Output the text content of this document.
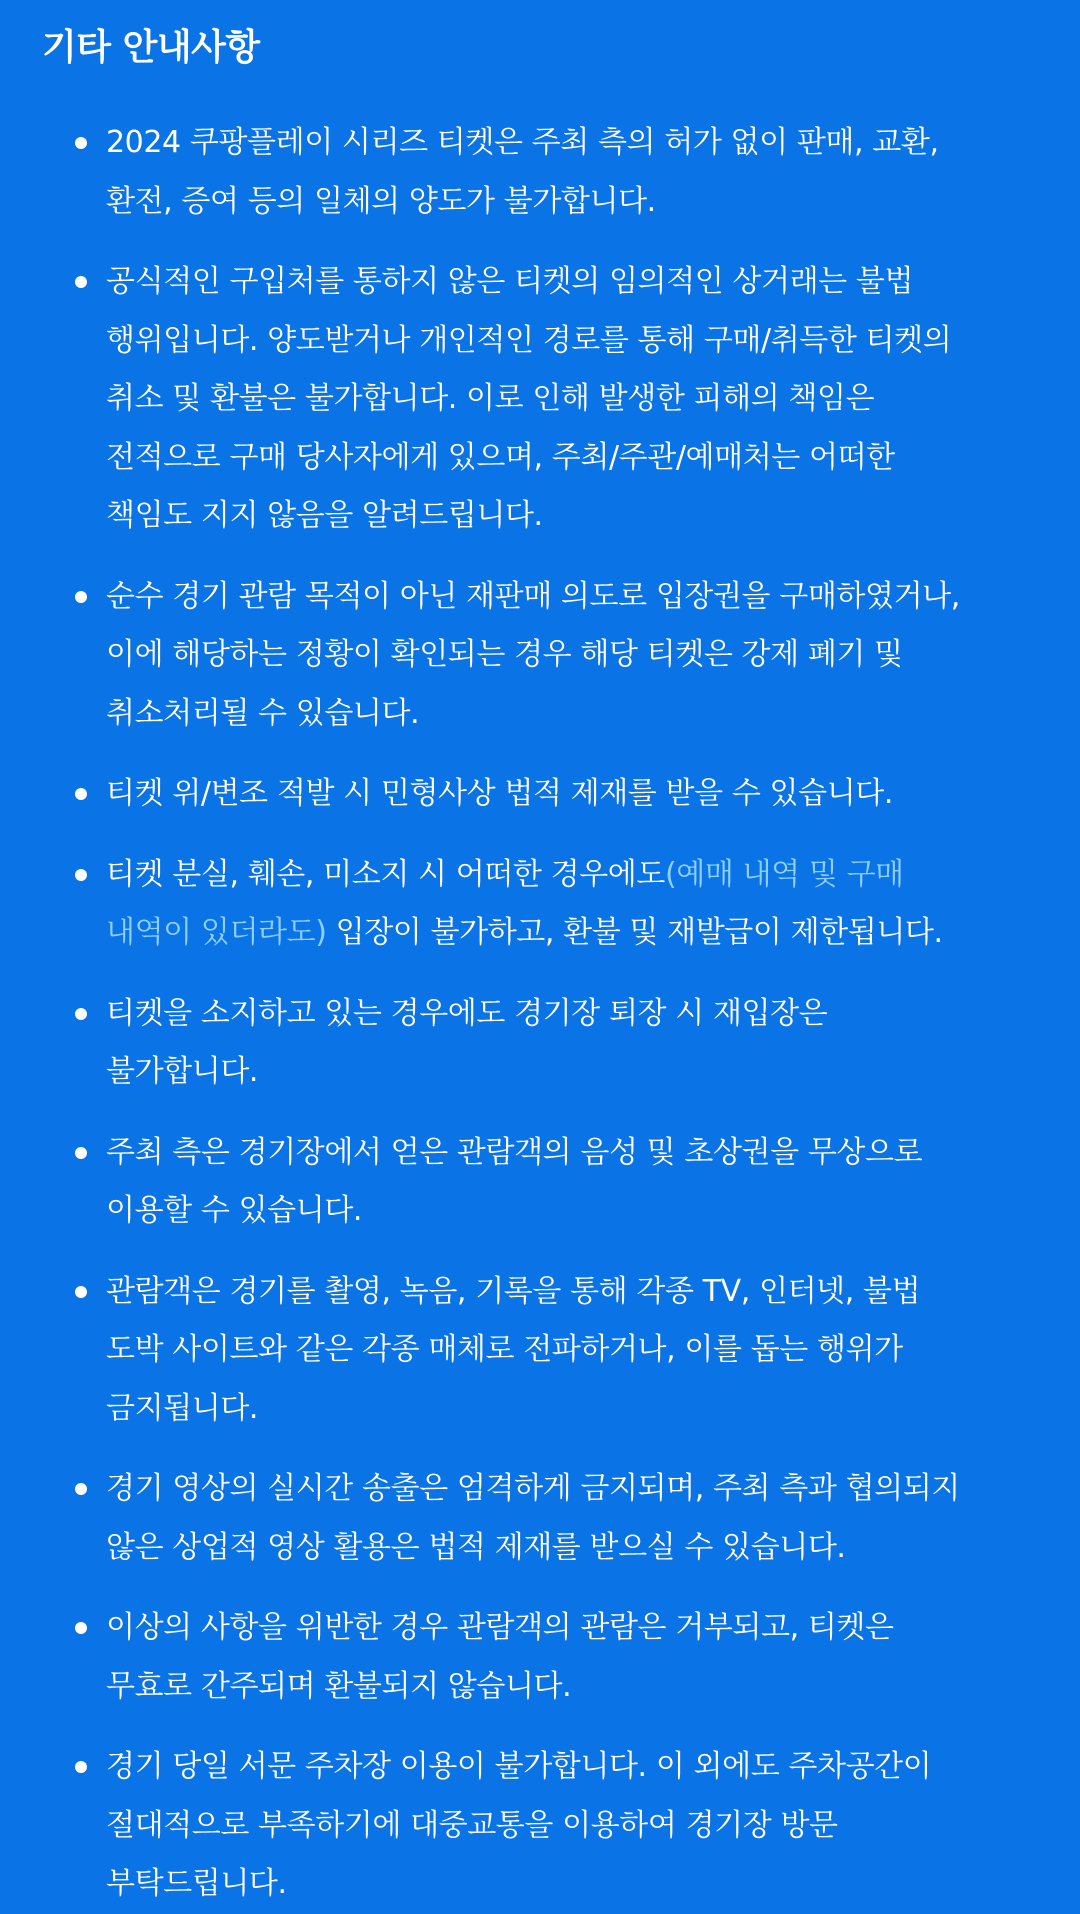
기타 안내사항
2024 쿠팡플레이 시리즈 티켓은 주최 측의 허가 없이 판매, 교환,
환전, 증여 등의 일체의 양도가 불가합니다.
공식적인 구입처를 통하지 않은 티켓의 임의적인 상거래는 불법
행위입니다. 양도받거나 개인적인 경로를 통해 구매/취득한 티켓의
취소 및 환불은 불가합니다. 이로 인해 발생한 피해의 책임은
전적으로 구매 당사자에게 있으며, 주최/주관/예매처는 어떠한
책임도 지지 않음을 알려드립니다.
순수 경기 관람 목적이 아닌 재판매 의도로 입장권을 구매하였거나,
이에 해당하는 정황이 확인되는 경우 해당 티켓은 강제 폐기 및
취소처리될 수 있습니다.
티켓 위/변조 적발 시 민형사상 법적 제재를 받을 수 있습니다.
티켓 분실, 훼손, 미소지 시 어떠한 경우에도(예매 내역 및 구매
내역이 있더라도) 입장이 불가하고, 환불 및 재발급이 제한됩니다.
티켓을 소지하고 있는 경우에도 경기장 퇴장 시 재입장은
불가합니다.
주최 측은 경기장에서 얻은 관람객의 음성 및 초상권을 무상으로
이용할 수 있습니다.
관람객은 경기를 촬영, 녹음, 기록을 통해 각종 TV, 인터넷, 불법
도박 사이트와 같은 각종 매체로 전파하거나, 이를 돕는 행위가
금지됩니다.
경기 영상의 실시간 송출은 엄격하게 금지되며, 주최 측과 협의되지
않은 상업적 영상 활용은 법적 제재를 받으실 수 있습니다.
이상의 사항을 위반한 경우 관람객의 관람은 거부되고, 티켓은
무효로 간주되며 환불되지 않습니다.
경기 당일 서문 주차장 이용이 불가합니다. 이 외에도 주차공간이
절대적으로 부족하기에 대중교통을 이용하여 경기장 방문
부탁드립니다.
